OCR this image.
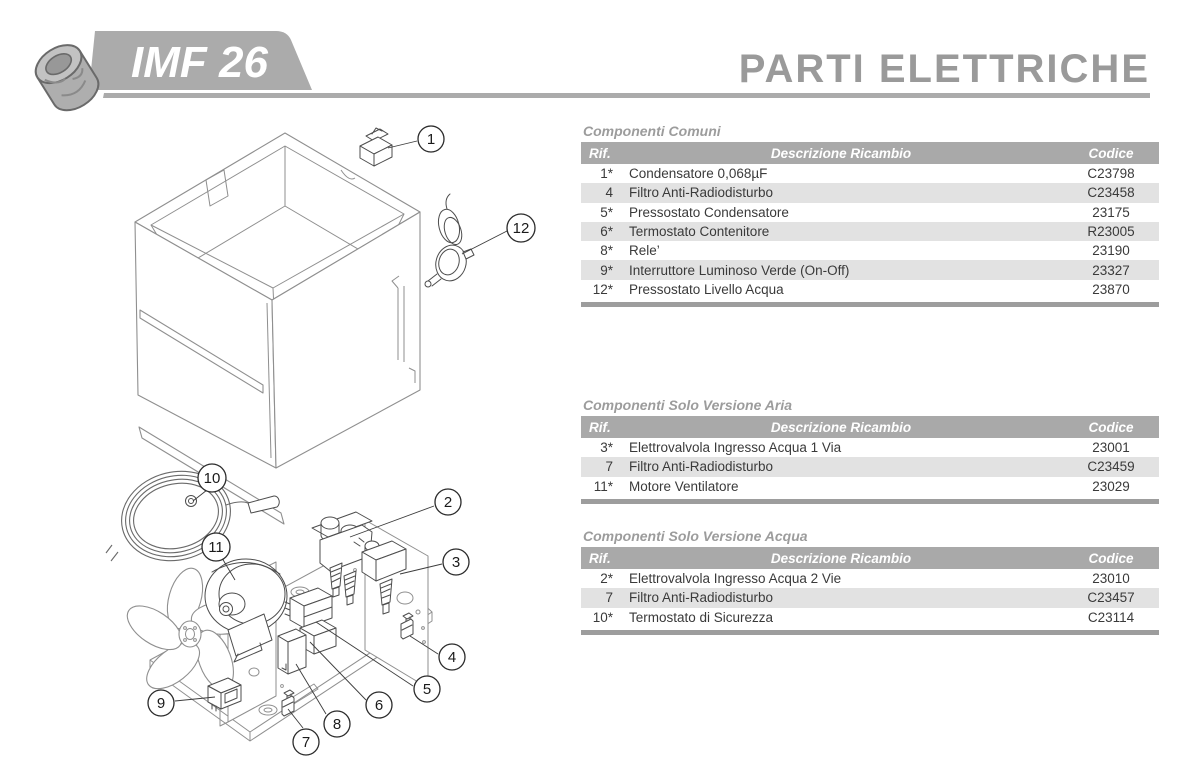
IMF 26	PARTI ELETTRICHE
1
2
3
4
5
6
7
8
9
10
11
12
Componenti Comuni
Rif.	Descrizione Ricambio	Codice
1*	Condensatore 0,068µF	C23798
4	Filtro Anti-Radiodisturbo	C23458
5*	Pressostato Condensatore	23175
6*	Termostato Contenitore	R23005
8*	Rele’	23190
9*	Interruttore Luminoso Verde (On-Off)	23327
12*	Pressostato Livello Acqua	23870
Componenti Solo Versione Aria
Rif.	Descrizione Ricambio	Codice
3*	Elettrovalvola Ingresso Acqua 1 Via	23001
7	Filtro Anti-Radiodisturbo	C23459
11*	Motore Ventilatore	23029
Componenti Solo Versione Acqua
Rif.	Descrizione Ricambio	Codice
2*	Elettrovalvola Ingresso Acqua 2 Vie	23010
7	Filtro Anti-Radiodisturbo	C23457
10*	Termostato di Sicurezza	C23114
